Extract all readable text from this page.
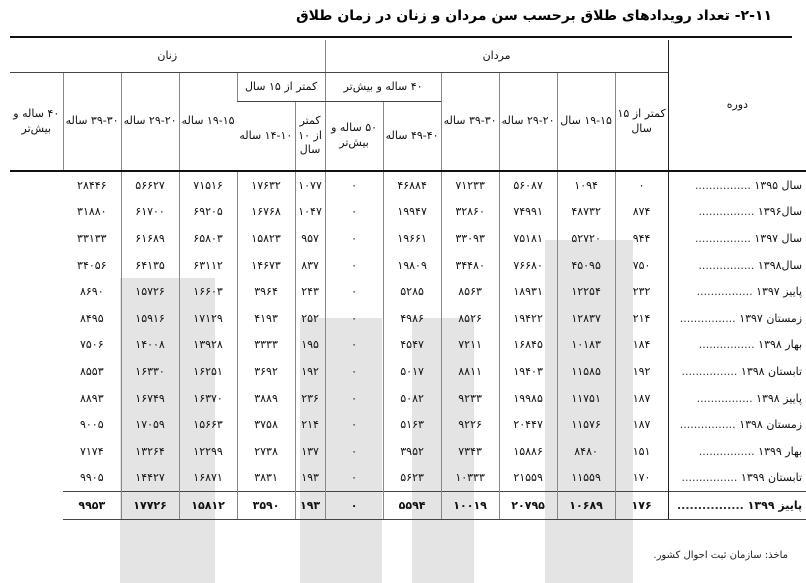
۲-۱۱- تعداد رویدادهای طلاق برحسب سن مردان و زنان در زمان طلاق
دوره	مردان						زنان					
	کمتر از ۱۵ سال	۱۹-۱۵ سال	۲۹-۲۰ ساله	۳۹-۳۰ ساله	۴۰ ساله و بیش‌تر		کمتر از ۱۵ سال		۱۹-۱۵ ساله	۲۹-۲۰ ساله	۳۹-۳۰ ساله	۴۰ ساله و بیش‌تر
					۴۹-۴۰ ساله	۵۰ ساله و بیش‌تر	کمتر از ۱۰ سال	۱۴-۱۰ ساله				
سال ۱۳۹۵ ................	۰	۱۰۹۴	۵۶۰۸۷	۷۱۲۳۳	۴۶۸۸۴	۰	۱۰۷۷	۱۷۶۳۲	۷۱۵۱۶	۵۶۶۲۷	۲۸۴۴۶	
سال۱۳۹۶ ................	۸۷۴	۴۸۷۳۲	۷۴۹۹۱	۳۲۸۶۰	۱۹۹۴۷	۰	۱۰۴۷	۱۶۷۶۸	۶۹۲۰۵	۶۱۷۰۰	۳۱۸۸۰	
سال ۱۳۹۷ ................	۹۴۴	۵۲۷۲۰	۷۵۱۸۱	۳۳۰۹۳	۱۹۶۶۱	۰	۹۵۷	۱۵۸۲۳	۶۵۸۰۳	۶۱۶۸۹	۳۳۱۳۳	
سال۱۳۹۸ ................	۷۵۰	۴۵۰۹۵	۷۶۶۸۰	۳۴۴۸۰	۱۹۸۰۹	۰	۸۳۷	۱۴۶۷۳	۶۳۱۱۲	۶۴۱۳۵	۳۴۰۵۶	
پاییز ۱۳۹۷ ................	۲۳۲	۱۲۲۵۴	۱۸۹۳۱	۸۵۶۳	۵۲۸۵	۰	۲۴۳	۳۹۶۴	۱۶۶۰۳	۱۵۷۲۶	۸۶۹۰	
زمستان ۱۳۹۷ ................	۲۱۴	۱۲۸۳۷	۱۹۴۲۲	۸۵۲۶	۴۹۸۶	۰	۲۵۲	۴۱۹۳	۱۷۱۲۹	۱۵۹۱۶	۸۴۹۵	
بهار ۱۳۹۸ ................	۱۸۴	۱۰۱۸۳	۱۶۸۴۵	۷۲۱۱	۴۵۴۷	۰	۱۹۵	۳۳۳۳	۱۳۹۲۸	۱۴۰۰۸	۷۵۰۶	
تابستان ۱۳۹۸ ................	۱۹۲	۱۱۵۸۵	۱۹۴۰۳	۸۸۱۱	۵۰۱۷	۰	۱۹۲	۳۶۹۲	۱۶۲۵۱	۱۶۳۳۰	۸۵۵۳	
پاییز ۱۳۹۸ ................	۱۸۷	۱۱۷۵۱	۱۹۹۸۵	۹۲۳۳	۵۰۸۲	۰	۲۳۶	۳۸۸۹	۱۶۳۷۰	۱۶۷۴۹	۸۸۹۳	
زمستان ۱۳۹۸ ................	۱۸۷	۱۱۵۷۶	۲۰۴۴۷	۹۲۲۶	۵۱۶۳	۰	۲۱۴	۳۷۵۸	۱۵۶۶۳	۱۷۰۵۹	۹۰۰۵	
بهار ۱۳۹۹ ................	۱۵۱	۸۴۸۰	۱۵۸۸۶	۷۳۴۳	۳۹۵۲	۰	۱۳۷	۲۷۳۸	۱۲۲۹۹	۱۳۲۶۴	۷۱۷۴	
تابستان ۱۳۹۹ ................	۱۷۰	۱۱۵۵۹	۲۱۵۵۹	۱۰۳۳۳	۵۶۲۳	۰	۱۹۳	۳۸۳۱	۱۶۸۷۱	۱۴۴۲۷	۹۹۰۵	
پاییز ۱۳۹۹ ................	۱۷۶	۱۰۶۸۹	۲۰۷۹۵	۱۰۰۱۹	۵۵۹۴	۰	۱۹۳	۳۵۹۰	۱۵۸۱۲	۱۷۷۲۶	۹۹۵۳	
ماخذ: سازمان ثبت احوال کشور.
